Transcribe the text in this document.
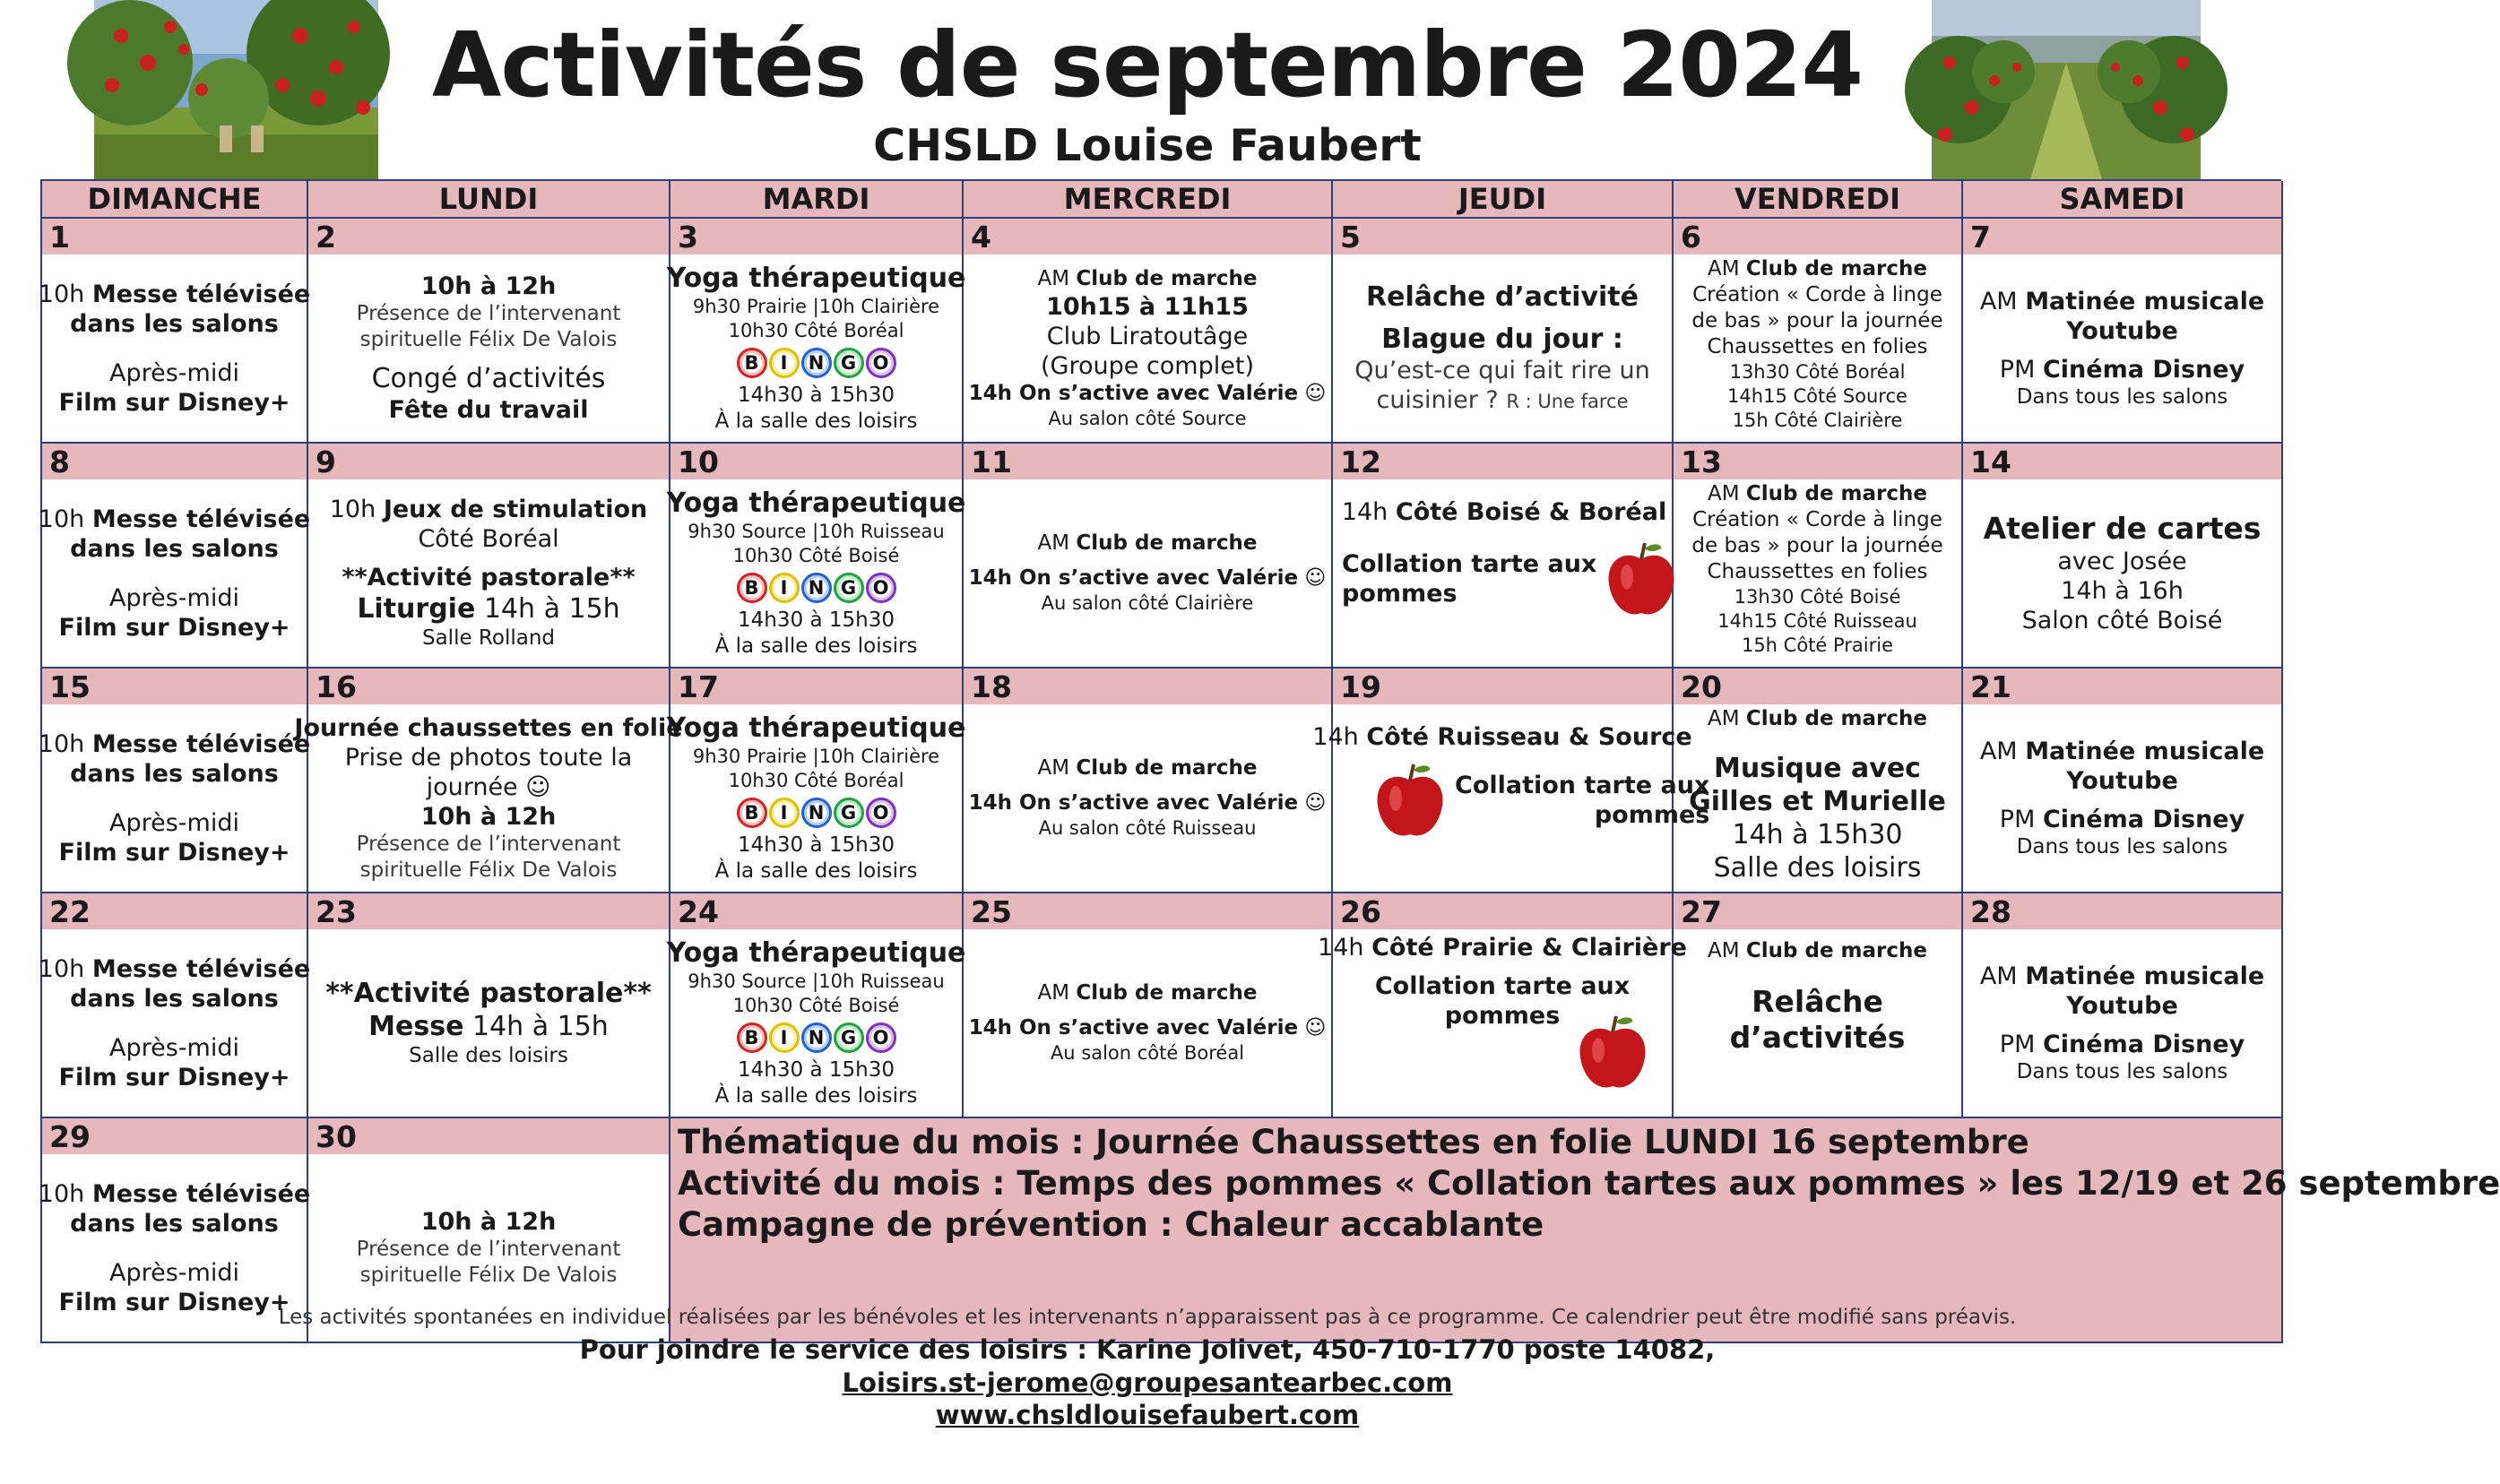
Activités de septembre 2024
CHSLD Louise Faubert
DIMANCHE	LUNDI	MARDI	MERCREDI	JEUDI	VENDREDI	SAMEDI
1
10h Messe télévisée
dans les salons
Après-midi
Film sur Disney+
2
10h à 12h
Présence de l’intervenant
spirituelle Félix De Valois
Congé d’activités
Fête du travail
3
Yoga thérapeutique
9h30 Prairie |10h Clairière
10h30 Côté Boréal
B	I	N G O
14h30 à 15h30
À la salle des loisirs
4
AM Club de marche
10h15 à 11h15
Club Liratoutâge
(Groupe complet)
14h On s’active avec Valérie ☺
Au salon côté Source
5
Relâche d’activité
Blague du jour :
Qu’est-ce qui fait rire un
cuisinier ? R : Une farce
6
AM Club de marche
Création « Corde à linge
de bas » pour la journée
Chaussettes en folies
13h30 Côté Boréal
14h15 Côté Source
15h Côté Clairière
7
AM Matinée musicale
Youtube
PM Cinéma Disney
Dans tous les salons
8
10h Messe télévisée
dans les salons
Après-midi
Film sur Disney+
9
10h Jeux de stimulation
Côté Boréal
**Activité pastorale**
Liturgie 14h à 15h
Salle Rolland
10
Yoga thérapeutique
9h30 Source |10h Ruisseau
10h30 Côté Boisé
B	I	N G O
14h30 à 15h30
À la salle des loisirs
11
AM Club de marche
14h On s’active avec Valérie ☺
Au salon côté Clairière
12
14h Côté Boisé & Boréal
Collation tarte aux
pommes
13
AM Club de marche
Création « Corde à linge
de bas » pour la journée
Chaussettes en folies
13h30 Côté Boisé
14h15 Côté Ruisseau
15h Côté Prairie
14
Atelier de cartes
avec Josée
14h à 16h
Salon côté Boisé
15
10h Messe télévisée
dans les salons
Après-midi
Film sur Disney+
16
Journée chaussettes en folie
Prise de photos toute la
journée ☺
10h à 12h
Présence de l’intervenant
spirituelle Félix De Valois
17
Yoga thérapeutique
9h30 Prairie |10h Clairière
10h30 Côté Boréal
B	I	N G O
14h30 à 15h30
À la salle des loisirs
18
AM Club de marche
14h On s’active avec Valérie ☺
Au salon côté Ruisseau
19
14h Côté Ruisseau & Source
Collation tarte aux
pommes
20
AM Club de marche
Musique avec
Gilles et Murielle
14h à 15h30
Salle des loisirs
21
AM Matinée musicale
Youtube
PM Cinéma Disney
Dans tous les salons
22
10h Messe télévisée
dans les salons
Après-midi
Film sur Disney+
23
**Activité pastorale**
Messe 14h à 15h
Salle des loisirs
24
Yoga thérapeutique
9h30 Source |10h Ruisseau
10h30 Côté Boisé
B	I	N G O
14h30 à 15h30
À la salle des loisirs
25
AM Club de marche
14h On s’active avec Valérie ☺
Au salon côté Boréal
26
14h Côté Prairie & Clairière
Collation tarte aux
pommes
27
AM Club de marche
Relâche
d’activités
28
AM Matinée musicale
Youtube
PM Cinéma Disney
Dans tous les salons
29
10h Messe télévisée
dans les salons
Après-midi
Film sur Disney+
30
10h à 12h
Présence de l’intervenant
spirituelle Félix De Valois
Thématique du mois : Journée Chaussettes en folie LUNDI 16 septembre
Activité du mois : Temps des pommes « Collation tartes aux pommes » les 12/19 et 26 septembre
Campagne de prévention : Chaleur accablante
Les activités spontanées en individuel réalisées par les bénévoles et les intervenants n’apparaissent pas à ce programme. Ce calendrier peut être modifié sans préavis.
Pour joindre le service des loisirs : Karine Jolivet, 450-710-1770 poste 14082,
Loisirs.st-jerome@groupesantearbec.com
www.chsldlouisefaubert.com
